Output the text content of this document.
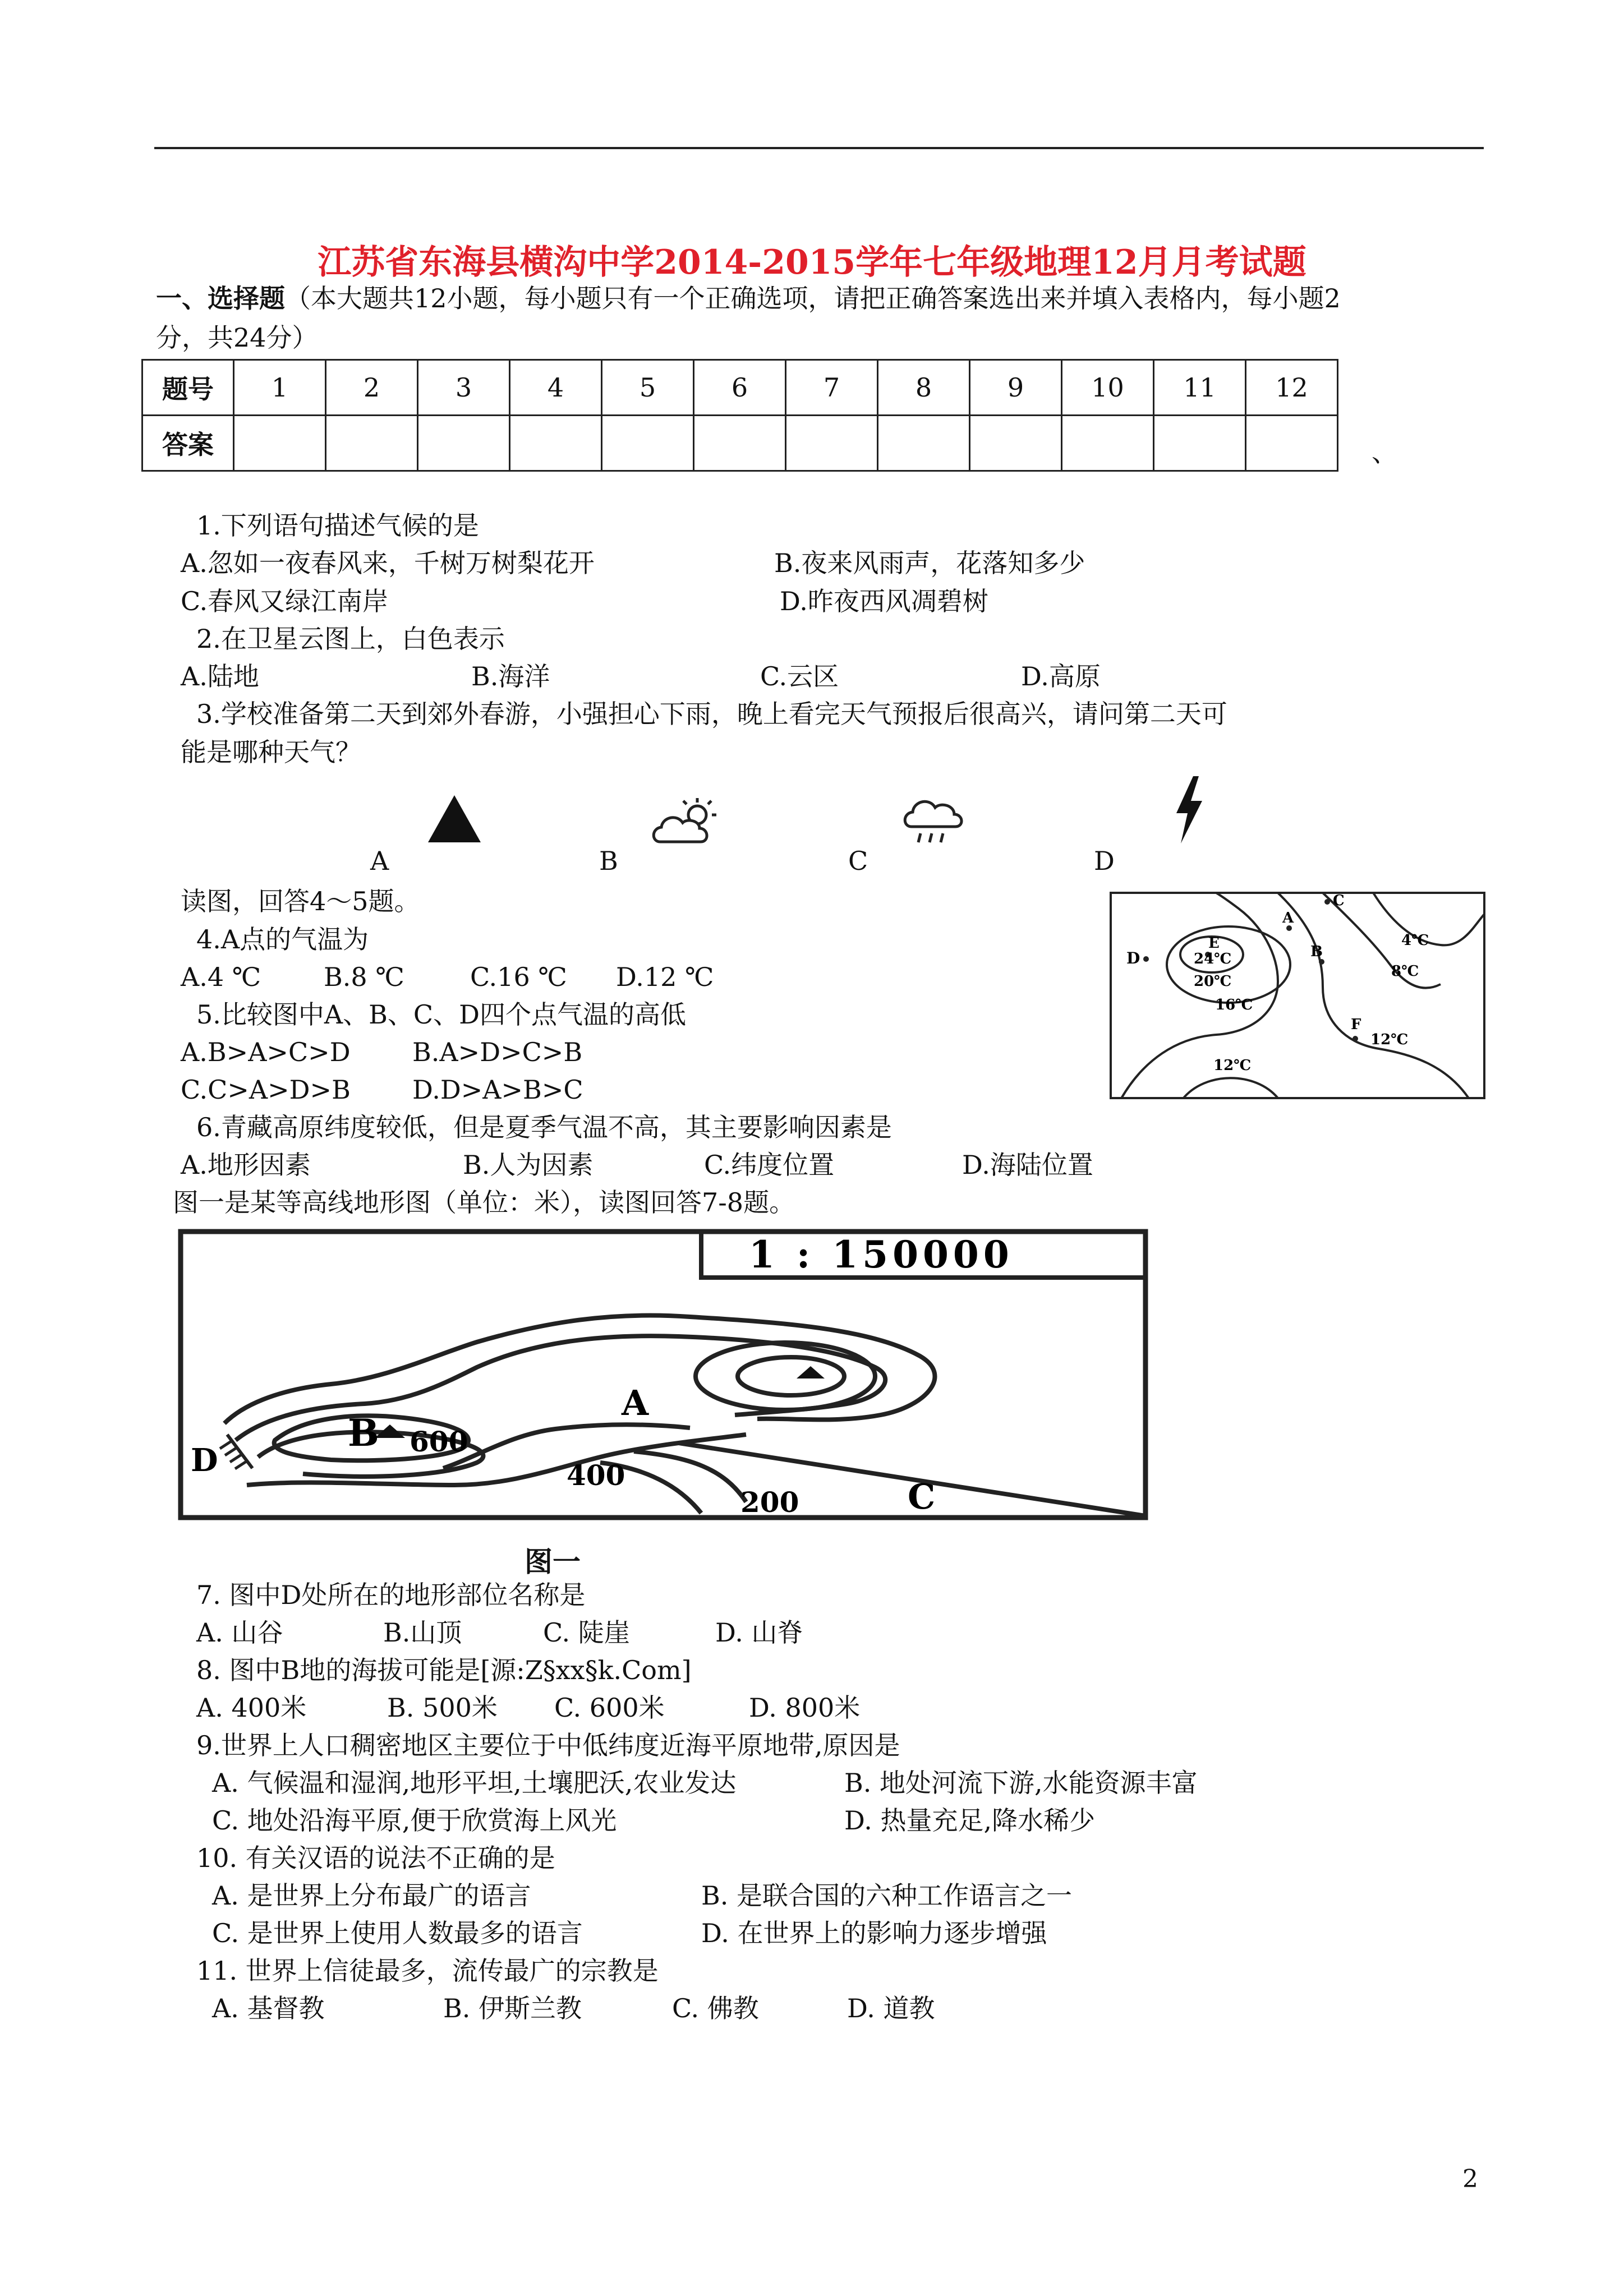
江苏省东海县横沟中学2014-2015学年七年级地理12月月考试题
一、选择题（本大题共12小题，每小题只有一个正确选项，请把正确答案选出来并填入表格内，每小题2
分，共24分）
题号	1	2	3	4	5	6	7	8	9	10	11	12
答案													、
1.下列语句描述气候的是
A.忽如一夜春风来，千树万树梨花开	B.夜来风雨声，花落知多少
C.春风又绿江南岸	D.昨夜西风凋碧树
2.在卫星云图上，白色表示
A.陆地	B.海洋	C.云区	D.高原
3.学校准备第二天到郊外春游，小强担心下雨，晚上看完天气预报后很高兴，请问第二天可
能是哪种天气？
A	B	C	D
读图，回答4～5题。
E
24℃
20℃
16℃
A
B
C
D
F
4℃
8℃
12℃
12℃
4.A点的气温为
A.4 ℃ B.8 ℃	C.16 ℃ D.12 ℃
5.比较图中A、B、C、D四个点气温的高低
A.B>A>C>D B.A>D>C>B
C.C>A>D>B D.D>A>B>C
6.青藏高原纬度较低，但是夏季气温不高，其主要影响因素是
A.地形因素	B.人为因素	C.纬度位置	D.海陆位置
图一是某等高线地形图（单位：米），读图回答7-8题。
1 : 150000
B 600
A
400
200	C
D
图一
7. 图中D处所在的地形部位名称是
A. 山谷	B.山顶	C. 陡崖	D. 山脊
8. 图中B地的海拔可能是[源:Z§xx§k.Com]
A. 400米	B. 500米 C. 600米	D. 800米
9.世界上人口稠密地区主要位于中低纬度近海平原地带,原因是
A. 气候温和湿润,地形平坦,土壤肥沃,农业发达	B. 地处河流下游,水能资源丰富
C. 地处沿海平原,便于欣赏海上风光	D. 热量充足,降水稀少
10. 有关汉语的说法不正确的是
A. 是世界上分布最广的语言	B. 是联合国的六种工作语言之一
C. 是世界上使用人数最多的语言	D. 在世界上的影响力逐步增强
11. 世界上信徒最多，流传最广的宗教是
A. 基督教	B. 伊斯兰教	C. 佛教	D. 道教
2
